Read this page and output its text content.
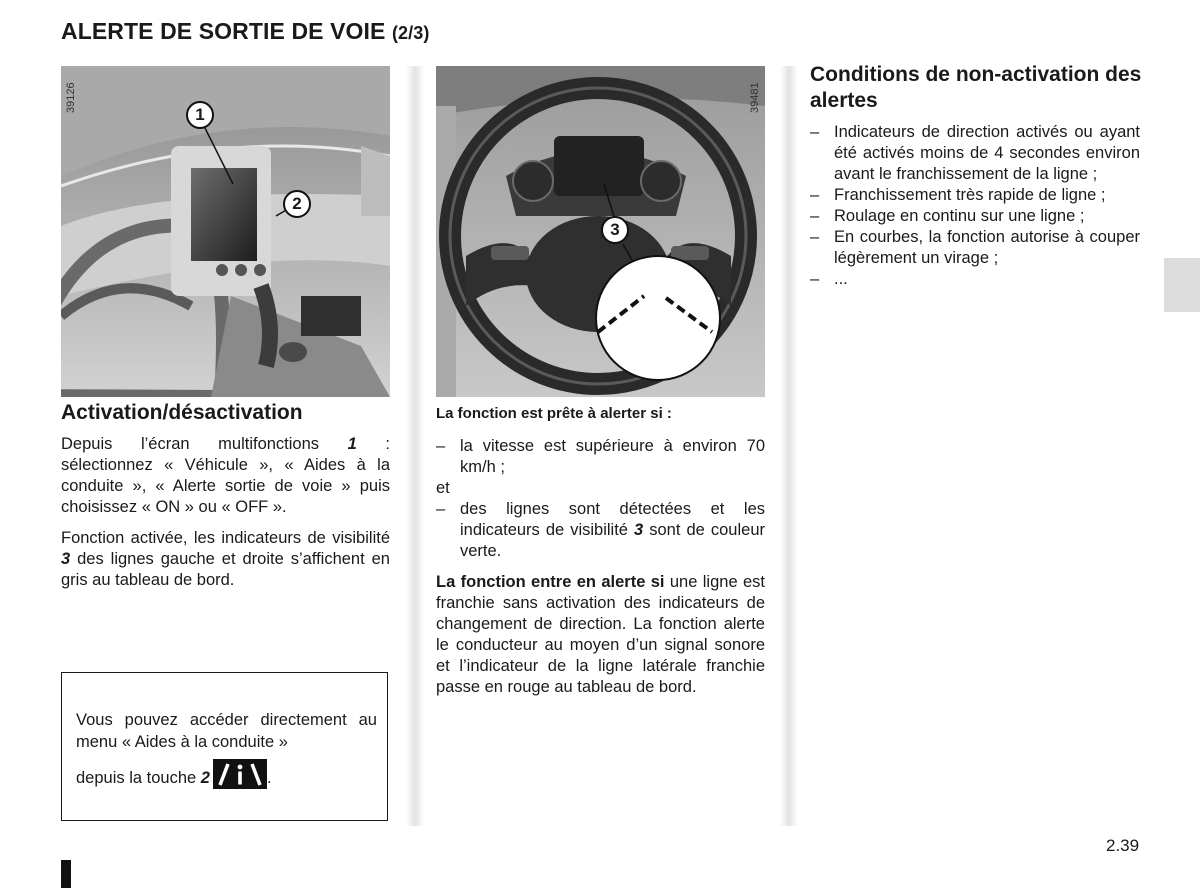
ALERTE DE SORTIE DE VOIE (2/3)
1
2
39126
3
39481
Activation/désactivation

Depuis l’écran multifonctions 1 : sélectionnez « Véhicule », « Aides à la conduite », « Alerte sortie de voie » puis choisissez « ON » ou « OFF ».

Fonction activée, les indicateurs de visibilité 3 des lignes gauche et droite s’affichent en gris au tableau de bord.

Vous pouvez accéder directement au menu « Aides à la conduite »
depuis la touche 2	.

La fonction est prête à alerter si :

– la vitesse est supérieure à environ 70 km/h ;
et
– des lignes sont détectées et les indicateurs de visibilité 3 sont de couleur verte.

La fonction entre en alerte si une ligne est franchie sans activation des indicateurs de changement de direction. La fonction alerte le conducteur au moyen d’un signal sonore et l’indicateur de la ligne latérale franchie passe en rouge au tableau de bord.

Conditions de non-activation des alertes
– Indicateurs de direction activés ou ayant été activés moins de 4 secondes environ avant le franchissement de la ligne ;
– Franchissement très rapide de ligne ;
– Roulage en continu sur une ligne ;
– En courbes, la fonction autorise à couper légèrement un virage ;
– ...
2.39
